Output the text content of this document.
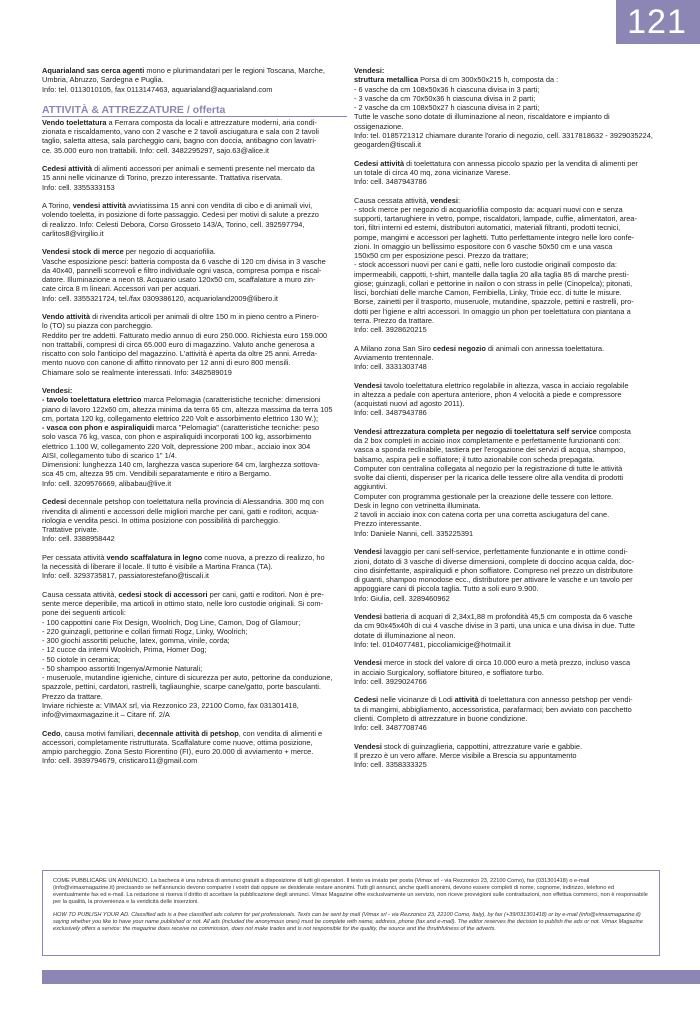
121

Aquarialand sas cerca agenti mono e plurimandatari per le regioni Toscana, Marche,
Umbria, Abruzzo, Sardegna e Puglia.
Info: tel. 0113010105, fax 0113147463, aquarialand@aquarialand.com

ATTIVITÀ & ATTREZZATURE / offerta

Vendo toelettatura a Ferrara composta da locali e attrezzature moderni, aria condi-
zionata e riscaldamento, vano con 2 vasche e 2 tavoli asciugatura e sala con 2 tavoli
taglio, saletta attesa, sala parcheggio cani, bagno con doccia, antibagno con lavatri-
ce. 35.000 euro non trattabili. Info: cell. 3482295297, sajo.63@alice.it

Cedesi attività di alimenti accessori per animali e sementi presente nel mercato da
15 anni nelle vicinanze di Torino, prezzo interessante. Trattativa riservata.
Info: cell. 3355333153

A Torino, vendesi attività avviatissima 15 anni con vendita di cibo e di animali vivi,
volendo toeletta, in posizione di forte passaggio. Cedesi per motivi di salute a prezzo
di realizzo. Info: Celesti Debora, Corso Grosseto 143/A, Torino, cell. 392597794,
carlitos8@virgilio.it

Vendesi stock di merce per negozio di acquariofilia.
Vasche esposizione pesci: batteria composta da 6 vasche di 120 cm divisa in 3 vasche
da 40x40, pannelli scorrevoli e filtro individuale ogni vasca, compresa pompa e riscal-
datore. Illuminazione a neon t8. Acquario usato 120x50 cm, scaffalature a muro zin-
cate circa 8 m lineari. Accessori vari per acquari.
Info: cell. 3355321724, tel./fax 0309386120, acquarioland2009@libero.it

Vendo attività di rivendita articoli per animali di oltre 150 m in pieno centro a Pinero-
lo (TO) su piazza con parcheggio.
Reddito per tre addetti. Fatturato medio annuo di euro 250.000. Richiesta euro 159.000
non trattabili, compresi di circa 65.000 euro di magazzino. Valuto anche generosa a
riscatto con solo l'anticipo del magazzino. L'attività è aperta da oltre 25 anni. Arreda-
mento nuovo con canone di affitto rinnovato per 12 anni di euro 800 mensili.
Chiamare solo se realmente interessati. Info: 3482589019

Vendesi:

- tavolo toelettatura elettrico marca Pelomagia (caratteristiche tecniche: dimensioni
piano di lavoro 122x60 cm, altezza minima da terra 65 cm, altezza massima da terra 105
cm, portata 120 kg, collegamento elettrico 220 Volt e assorbimento elettrico 130 W.);

- vasca con phon e aspiraliquidi marca "Pelomagia" (caratteristiche tecniche: peso
solo vasca 76 kg, vasca, con phon e aspiraliquidi incorporati 100 kg, assorbimento
elettrico 1.100 W, collegamento 220 Volt, depressione 200 mbar., acciaio inox 304
AISI, collegamento tubo di scarico 1" 1/4.
Dimensioni: lunghezza 140 cm, larghezza vasca superiore 64 cm, larghezza sottova-
sca 45 cm, altezza 95 cm. Vendibili separatamente e ritiro a Bergamo.
Info: cell. 3209576669, alibabau@live.it

Cedesi decennale petshop con toelettatura nella provincia di Alessandria. 300 mq con
rivendita di alimenti e accessori delle migliori marche per cani, gatti e roditori, acqua-
riologia e vendita pesci. In ottima posizione con possibilità di parcheggio.
Trattative private.
Info: cell. 3388958442

Per cessata attività vendo scaffalatura in legno come nuova, a prezzo di realizzo, ho
la necessità di liberare il locale. Il tutto è visibile a Martina Franca (TA).
Info: cell. 3293735817, passiatorestefano@tiscali.it

Causa cessata attività, cedesi stock di accessori per cani, gatti e roditori. Non è pre-
sente merce deperibile, ma articoli in ottimo stato, nelle loro custodie originali. Si com-
pone dei seguenti articoli:
- 100 cappottini cane Fix Design, Woolrich, Dog Line, Camon, Dog of Glamour;
- 220 guinzagli, pettorine e collari firmati Rogz, Linky, Woolrich;
- 300 giochi assortiti peluche, latex, gomma, vinile, corda;
- 12 cucce da interni Woolrich, Prima, Homer Dog;
- 50 ciotole in ceramica;
- 50 shampoo assortiti Ingenya/Armonie Naturali;
- museruole, mutandine igieniche, cinture di sicurezza per auto, pettorine da conduzione,
spazzole, pettini, cardatori, rastrelli, tagliaunghie, scarpe cane/gatto, porte basculanti.
Prezzo da trattare.
Inviare richieste a: VIMAX srl, via Rezzonico 23, 22100 Como, fax 031301418,
info@vimaxmagazine.it – Citare rif. 2/A

Cedo, causa motivi familiari, decennale attività di petshop, con vendita di alimenti e
accessori, completamente ristrutturata. Scaffalature come nuove, ottima posizione,
ampio parcheggio. Zona Sesto Fiorentino (FI), euro 20.000 di avviamento + merce.
Info: cell. 3939794679, cristicaro11@gmail.com

Vendesi:

struttura metallica Porsa di cm 300x50x215 h, composta da :
- 6 vasche da cm 108x50x36 h ciascuna divisa in 3 parti;
- 3 vasche da cm 70x50x36 h ciascuna divisa in 2 parti;
- 2 vasche da cm 108x50x27 h ciascuna divisa in 2 parti;
Tutte le vasche sono dotate di illuminazione al neon, riscaldatore e impianto di
ossigenazione.
Info: tel. 0185721312 chiamare durante l'orario di negozio, cell. 3317818632 - 3929035224,
geogarden@tiscali.it

Cedesi attività di toelettatura con annessa piccolo spazio per la vendita di alimenti per
un totale di circa 40 mq, zona vicinanze Varese.
Info: cell. 3487943786

Causa cessata attività, vendesi:
- stock merce per negozio di acquariofilia composto da: acquari nuovi con e senza
supporti, tartarughiere in vetro, pompe, riscaldatori, lampade, cuffie, alimentatori, area-
tori, filtri interni ed esterni, distributori automatici, materiali filtranti, prodotti tecnici,
pompe, mangimi e accessori per laghetti. Tutto perfettamente integro nelle loro confe-
zioni. In omaggio un bellissimo espositore con 6 vasche 50x50 cm e una vasca
150x50 cm per esposizione pesci. Prezzo da trattare;
- stock accessori nuovi per cani e gatti, nelle loro custodie originali composto da:
impermeabili, cappotti, t-shirt, mantelle dalla taglia 20 alla taglia 85 di marche presti-
giose; guinzagli, collari e pettorine in nailon o con strass in pelle (Cinopelca); pitonati,
lisci, borchiati delle marche Camon, Ferribiella, Linky, Trixie ecc. di tutte le misure.
Borse, zainetti per il trasporto, museruole, mutandine, spazzole, pettini e rastrelli, pro-
dotti per l'igiene e altri accessori. In omaggio un phon per toelettatura con piantana a
terra. Prezzo da trattare.
Info: cell. 3928620215

A Milano zona San Siro cedesi negozio di animali con annessa toelettatura.
Avviamento trentennale.
Info: cell. 3331303748

Vendesi tavolo toelettatura elettrico regolabile in altezza, vasca in acciaio regolabile
in altezza a pedale con apertura anteriore, phon 4 velocità a piede e compressore
(acquistati nuovi ad agosto 2011).
Info: cell. 3487943786

Vendesi attrezzatura completa per negozio di toelettatura self service composta
da 2 box completi in acciaio inox completamente e perfettamente funzionanti con:
vasca a sponda reclinabile, tastiera per l'erogazione dei servizi di acqua, shampoo,
balsamo, aspira peli e soffiatore; il tutto azionabile con scheda prepagata.
Computer con centralina collegata al negozio per la registrazione di tutte le attività
svolte dai clienti, dispenser per la ricarica delle tessere oltre alla vendita di prodotti
aggiuntivi.
Computer con programma gestionale per la creazione delle tessere con lettore.
Desk in legno con vetrinetta illuminata.
2 tavoli in acciaio inox con catena corta per una corretta asciugatura del cane.
Prezzo interessante.
Info: Daniele Nanni, cell. 335225391

Vendesi lavaggio per cani self-service, perfettamente funzionante e in ottime condi-
zioni, dotato di 3 vasche di diverse dimensioni, complete di doccino acqua calda, doc-
cino disinfettante, aspiraliquidi e phon soffiatore. Compreso nel prezzo un distributore
di guanti, shampoo monodose ecc., distributore per attivare le vasche e un tavolo per
appoggiare cani di piccola taglia. Tutto a soli euro 9.900.
Info: Giulia, cell. 3289460962

Vendesi batteria di acquari di 2,34x1,88 m profondità 45,5 cm composta da 6 vasche
da cm 90x45x40h di cui 4 vasche divise in 3 parti, una unica e una divisa in due. Tutte
dotate di illuminazione al neon.
Info: tel. 0104077481, piccoliamicige@hotmail.it

Vendesi merce in stock del valore di circa 10.000 euro a metà prezzo, incluso vasca
in acciaio Surgicalory, soffiatore bitureo, e soffiatore turbo.
Info: cell. 3929024766

Cedesi nelle vicinanze di Lodi attività di toelettatura con annesso petshop per vendi-
ta di mangimi, abbigliamento, accessoristica, parafarmaci; ben avviato con pacchetto
clienti. Completo di attrezzature in buone condizione.
Info: cell. 3487708746

Vendesi stock di guinzaglieria, cappottini, attrezzature varie e gabbie.
Il prezzo è un vero affare. Merce visibile a Brescia su appuntamento
Info: cell. 3358333325

COME PUBBLICARE UN ANNUNCIO. La bacheca è una rubrica di annunci gratuiti a disposizione di tutti gli operatori. Il testo va inviato per posta (Vimax srl - via Rezzonico 23, 22100 Como), fax (031301418) o e-mail (info@vimaxmagazine.it) precisando se nell'annuncio devono comparire i vostri dati oppure se desiderate restare anonimi. Tutti gli annunci, anche quelli anonimi, devono essere completi di nome, cognome, indirizzo, telefono ed eventualmente fax ed e-mail. La redazione si riserva il diritto di accettare la pubblicazione degli annunci. Vimax Magazine offre esclusivamente un servizio, non riceve provvigioni sulle contrattazioni, non effettua commerci, non è responsabile per la qualità, la provenienza e la veridicità delle inserzioni.

HOW TO PUBLISH YOUR AD. Classified ads is a free classified ads column for pet professionals. Texts can be sent by mail (Vimax srl - via Rezzonico 23, 22100 Como, Italy), by fax (+39/031301418) or by e-mail (info@vimaxmagazine.it) saying whether you like to have your name published or not. All ads (included the anonymous ones) must be complete with name, address, phone (fax and e-mail). The editor reserves the decision to publish the ads or not. Vimax Magazine exclusively offers a service: the magazine does receive no commission, does not make trades and is not responsible for the quality, the source and the thruthfulness of the adverts.
